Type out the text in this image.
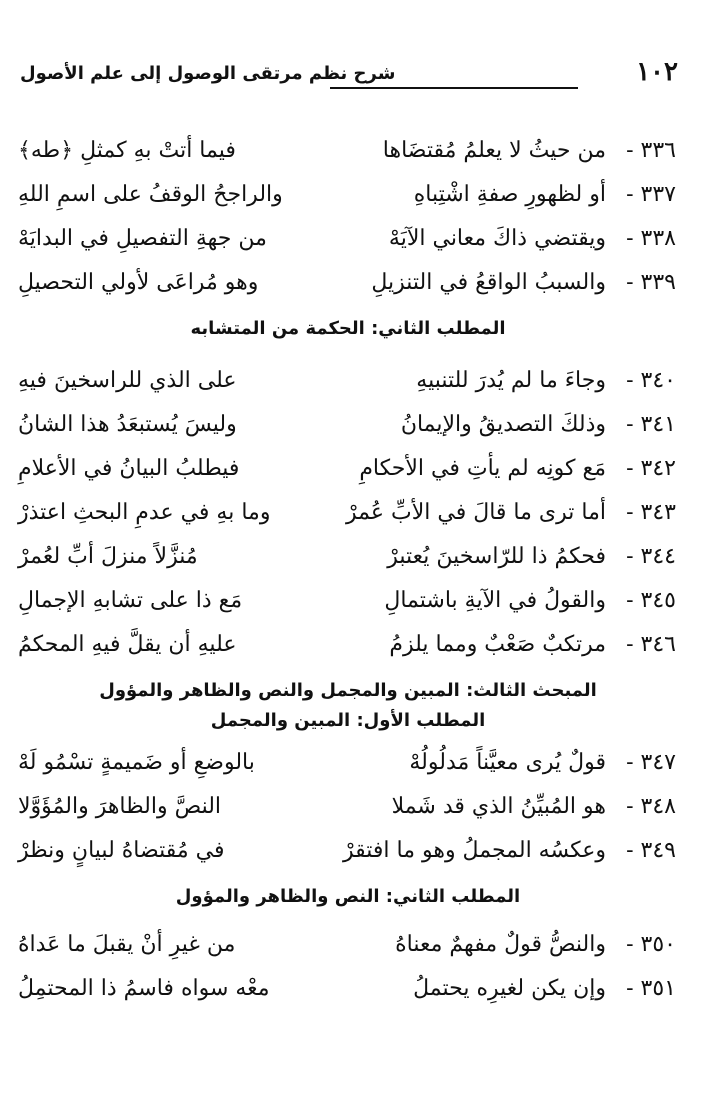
١٠٢
شرح نظم مرتقى الوصول إلى علم الأصول
٣٣٦ -
من حيثُ لا يعلمُ مُقتضَاها
فيما أتتْ بهِ كمثلِ ﴿طه﴾
٣٣٧ -
أو لظهورِ صفةِ اشْتِباهِ
والراجحُ الوقفُ على اسمِ اللهِ
٣٣٨ -
ويقتضي ذاكَ معاني الآيَهْ
من جهةِ التفصيلِ في البدايَهْ
٣٣٩ -
والسببُ الواقعُ في التنزيلِ
وهو مُراعَى لأولي التحصيلِ
المطلب الثاني: الحكمة من المتشابه
٣٤٠ -
وجاءَ ما لم يُدرَ للتنبيهِ
على الذي للراسخينَ فيهِ
٣٤١ -
وذلكَ التصديقُ والإيمانُ
وليسَ يُستبعَدُ هذا الشانُ
٣٤٢ -
مَع كونِه لم يأتِ في الأحكامِ
فيطلبُ البيانُ في الأعلامِ
٣٤٣ -
أما ترى ما قالَ في الأبِّ عُمرْ
وما بهِ في عدمِ البحثِ اعتذرْ
٣٤٤ -
فحكمُ ذا للرّاسخينَ يُعتبرْ
مُنزَّلاً منزلَ أبِّ لعُمرْ
٣٤٥ -
والقولُ في الآيةِ باشتمالِ
مَع ذا على تشابهِ الإجمالِ
٣٤٦ -
مرتكبٌ صَعْبٌ ومما يلزمُ
عليهِ أن يقلَّ فيهِ المحكمُ
المبحث الثالث: المبين والمجمل والنص والظاهر والمؤول
المطلب الأول: المبين والمجمل
٣٤٧ -
قولٌ يُرى معيَّناً مَدلُولُهْ
بالوضعِ أو ضَميمةٍ تسْمُو لَهْ
٣٤٨ -
هو المُبيِّنُ الذي قد شَملا
النصَّ والظاهرَ والمُؤَوَّلا
٣٤٩ -
وعكسُه المجملُ وهو ما افتقرْ
في مُقتضاهُ لبيانٍ ونظرْ
المطلب الثاني: النص والظاهر والمؤول
٣٥٠ -
والنصُّ قولٌ مفهمٌ معناهُ
من غيرِ أنْ يقبلَ ما عَداهُ
٣٥١ -
وإن يكن لغيرِه يحتملُ
معْه سواه فاسمُ ذا المحتمِلُ
